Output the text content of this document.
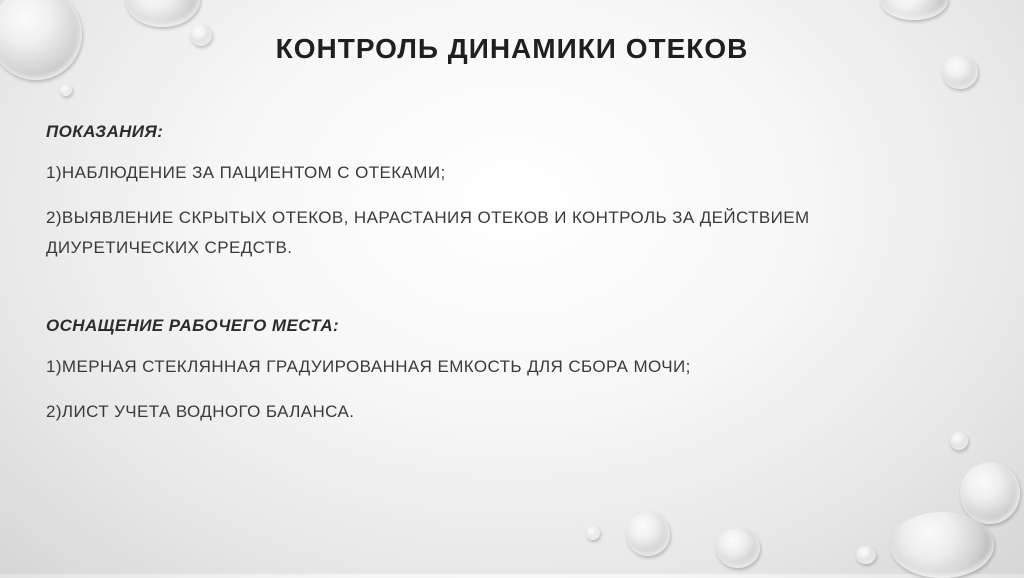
КОНТРОЛЬ ДИНАМИКИ ОТЕКОВ
ПОКАЗАНИЯ:
1)НАБЛЮДЕНИЕ ЗА ПАЦИЕНТОМ С ОТЕКАМИ;
2)ВЫЯВЛЕНИЕ СКРЫТЫХ ОТЕКОВ, НАРАСТАНИЯ ОТЕКОВ И КОНТРОЛЬ ЗА ДЕЙСТВИЕМ ДИУРЕТИЧЕСКИХ СРЕДСТВ.
ОСНАЩЕНИЕ РАБОЧЕГО МЕСТА:
1)МЕРНАЯ СТЕКЛЯННАЯ ГРАДУИРОВАННАЯ ЕМКОСТЬ ДЛЯ СБОРА МОЧИ;
2)ЛИСТ УЧЕТА ВОДНОГО БАЛАНСА.
